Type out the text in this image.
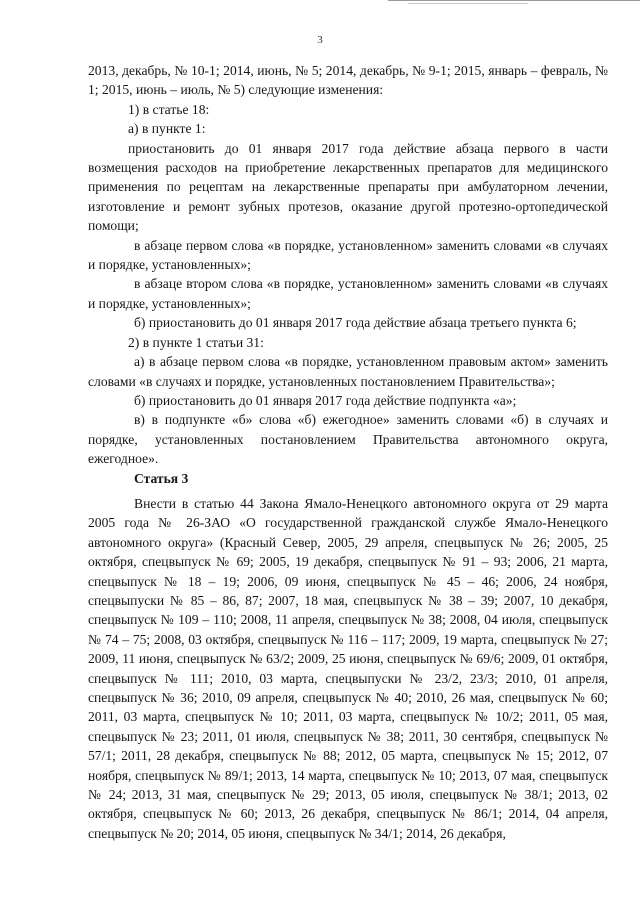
3

2013, декабрь, № 10-1; 2014, июнь, № 5; 2014, декабрь, № 9-1; 2015, январь – февраль, № 1; 2015, июнь – июль, № 5) следующие изменения:

1) в статье 18:

а) в пункте 1:

приостановить до 01 января 2017 года действие абзаца первого в части возмещения расходов на приобретение лекарственных препаратов для медицинского применения по рецептам на лекарственные препараты при амбулаторном лечении, изготовление и ремонт зубных протезов, оказание другой протезно-ортопедической помощи;

в абзаце первом слова «в порядке, установленном» заменить словами «в случаях и порядке, установленных»;

в абзаце втором слова «в порядке, установленном» заменить словами «в случаях и порядке, установленных»;

б) приостановить до 01 января 2017 года действие абзаца третьего пункта 6;

2) в пункте 1 статьи 31:

а) в абзаце первом слова «в порядке, установленном правовым актом» заменить словами «в случаях и порядке, установленных постановлением Правительства»;

б) приостановить до 01 января 2017 года действие подпункта «а»;

в) в подпункте «б» слова «б) ежегодное» заменить словами «б) в случаях и порядке, установленных постановлением Правительства автономного округа, ежегодное».

Статья 3

Внести в статью 44 Закона Ямало-Ненецкого автономного округа от 29 марта 2005 года № 26-ЗАО «О государственной гражданской службе Ямало-Ненецкого автономного округа» (Красный Север, 2005, 29 апреля, спецвыпуск № 26; 2005, 25 октября, спецвыпуск № 69; 2005, 19 декабря, спецвыпуск № 91 – 93; 2006, 21 марта, спецвыпуск № 18 – 19; 2006, 09 июня, спецвыпуск № 45 – 46; 2006, 24 ноября, спецвыпуски № 85 – 86, 87; 2007, 18 мая, спецвыпуск № 38 – 39; 2007, 10 декабря, спецвыпуск № 109 – 110; 2008, 11 апреля, спецвыпуск № 38; 2008, 04 июля, спецвыпуск № 74 – 75; 2008, 03 октября, спецвыпуск № 116 – 117; 2009, 19 марта, спецвыпуск № 27; 2009, 11 июня, спецвыпуск № 63/2; 2009, 25 июня, спецвыпуск № 69/6; 2009, 01 октября, спецвыпуск № 111; 2010, 03 марта, спецвыпуски № 23/2, 23/3; 2010, 01 апреля, спецвыпуск № 36; 2010, 09 апреля, спецвыпуск № 40; 2010, 26 мая, спецвыпуск № 60; 2011, 03 марта, спецвыпуск № 10; 2011, 03 марта, спецвыпуск № 10/2; 2011, 05 мая, спецвыпуск № 23; 2011, 01 июля, спецвыпуск № 38; 2011, 30 сентября, спецвыпуск № 57/1; 2011, 28 декабря, спецвыпуск № 88; 2012, 05 марта, спецвыпуск № 15; 2012, 07 ноября, спецвыпуск № 89/1; 2013, 14 марта, спецвыпуск № 10; 2013, 07 мая, спецвыпуск № 24; 2013, 31 мая, спецвыпуск № 29; 2013, 05 июля, спецвыпуск № 38/1; 2013, 02 октября, спецвыпуск № 60; 2013, 26 декабря, спецвыпуск № 86/1; 2014, 04 апреля, спецвыпуск № 20; 2014, 05 июня, спецвыпуск № 34/1; 2014, 26 декабря,
